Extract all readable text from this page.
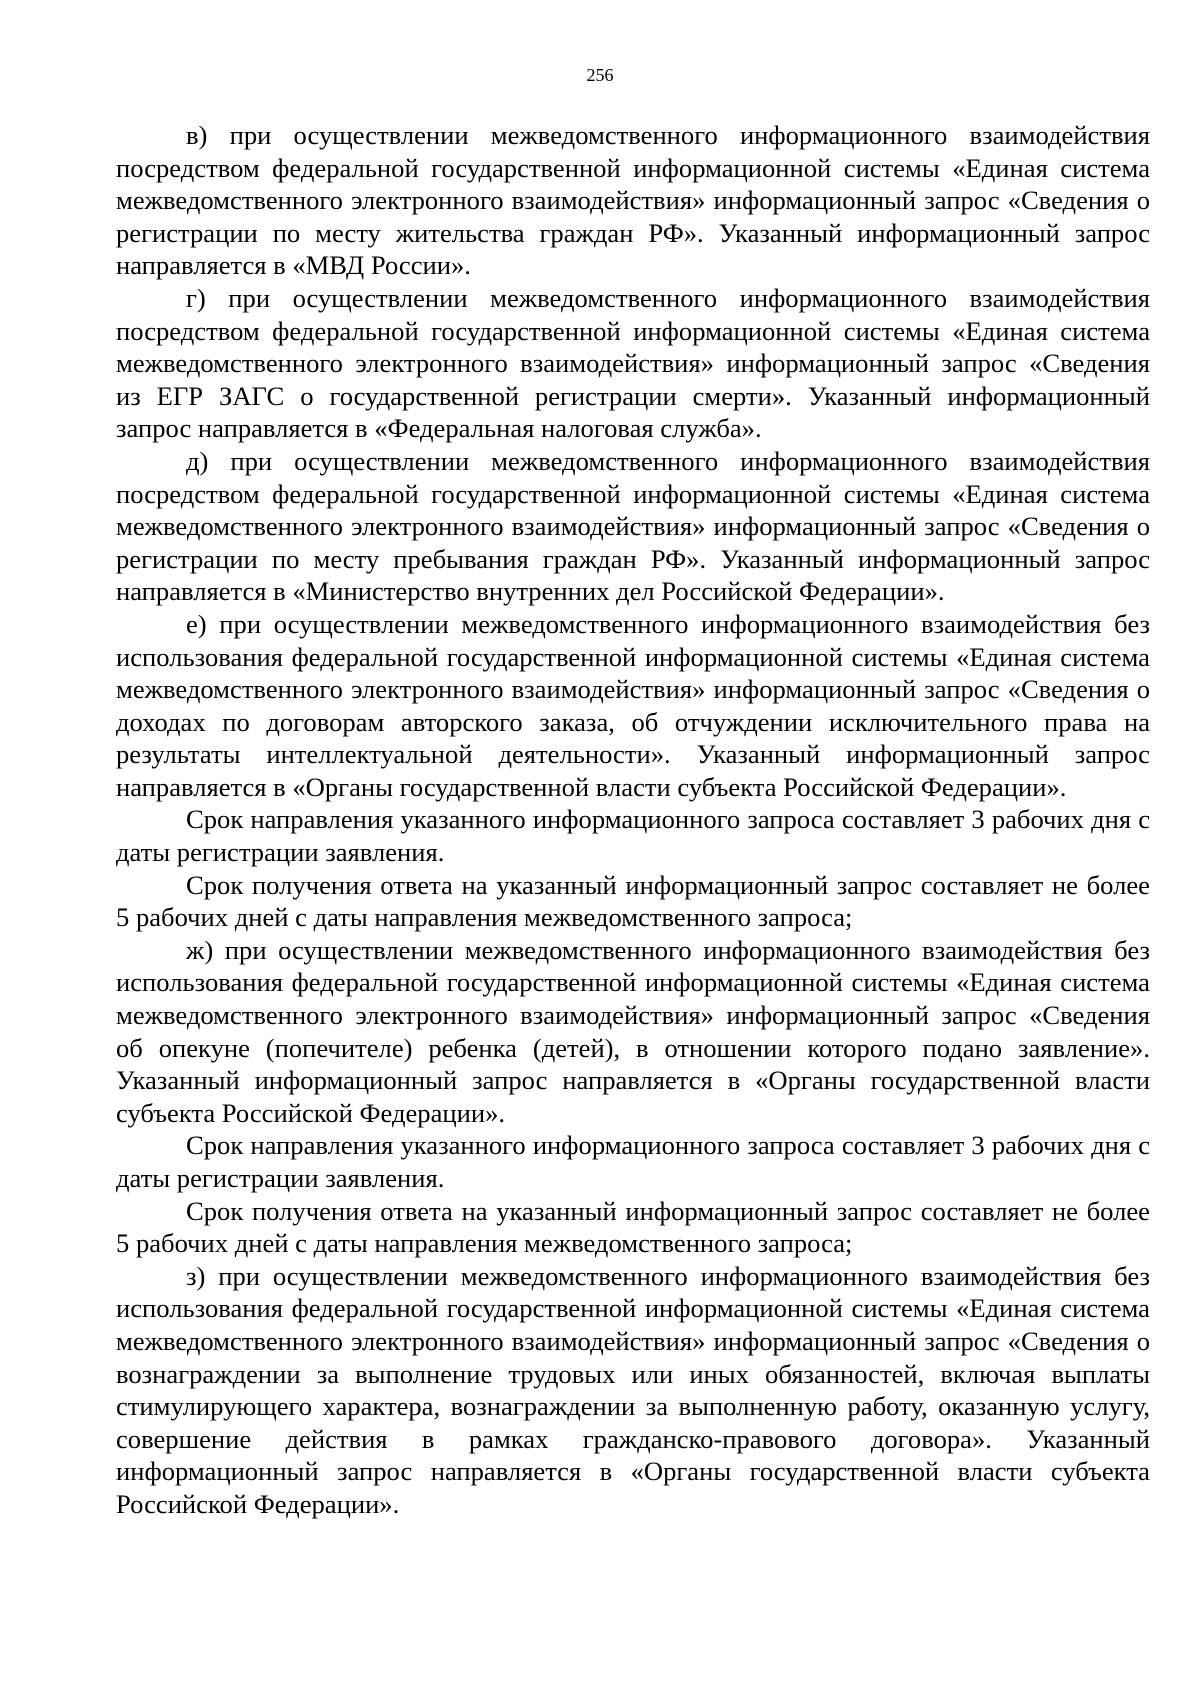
256

в) при осуществлении межведомственного информационного взаимодействия посредством федеральной государственной информационной системы «Единая система межведомственного электронного взаимодействия» информационный запрос «Сведения о регистрации по месту жительства граждан РФ». Указанный информационный запрос направляется в «МВД России».

г) при осуществлении межведомственного информационного взаимодействия посредством федеральной государственной информационной системы «Единая система межведомственного электронного взаимодействия» информационный запрос «Сведения из ЕГР ЗАГС о государственной регистрации смерти». Указанный информационный запрос направляется в «Федеральная налоговая служба».

д) при осуществлении межведомственного информационного взаимодействия посредством федеральной государственной информационной системы «Единая система межведомственного электронного взаимодействия» информационный запрос «Сведения о регистрации по месту пребывания граждан РФ». Указанный информационный запрос направляется в «Министерство внутренних дел Российской Федерации».

е) при осуществлении межведомственного информационного взаимодействия без использования федеральной государственной информационной системы «Единая система межведомственного электронного взаимодействия» информационный запрос «Сведения о доходах по договорам авторского заказа, об отчуждении исключительного права на результаты интеллектуальной деятельности». Указанный информационный запрос направляется в «Органы государственной власти субъекта Российской Федерации».

Срок направления указанного информационного запроса составляет 3 рабочих дня с даты регистрации заявления.

Срок получения ответа на указанный информационный запрос составляет не более 5 рабочих дней с даты направления межведомственного запроса;

ж) при осуществлении межведомственного информационного взаимодействия без использования федеральной государственной информационной системы «Единая система межведомственного электронного взаимодействия» информационный запрос «Сведения об опекуне (попечителе) ребенка (детей), в отношении которого подано заявление». Указанный информационный запрос направляется в «Органы государственной власти субъекта Российской Федерации».

Срок направления указанного информационного запроса составляет 3 рабочих дня с даты регистрации заявления.

Срок получения ответа на указанный информационный запрос составляет не более 5 рабочих дней с даты направления межведомственного запроса;

з) при осуществлении межведомственного информационного взаимодействия без использования федеральной государственной информационной системы «Единая система межведомственного электронного взаимодействия» информационный запрос «Сведения о вознаграждении за выполнение трудовых или иных обязанностей, включая выплаты стимулирующего характера, вознаграждении за выполненную работу, оказанную услугу, совершение действия в рамках гражданско-правового договора». Указанный информационный запрос направляется в «Органы государственной власти субъекта Российской Федерации».
